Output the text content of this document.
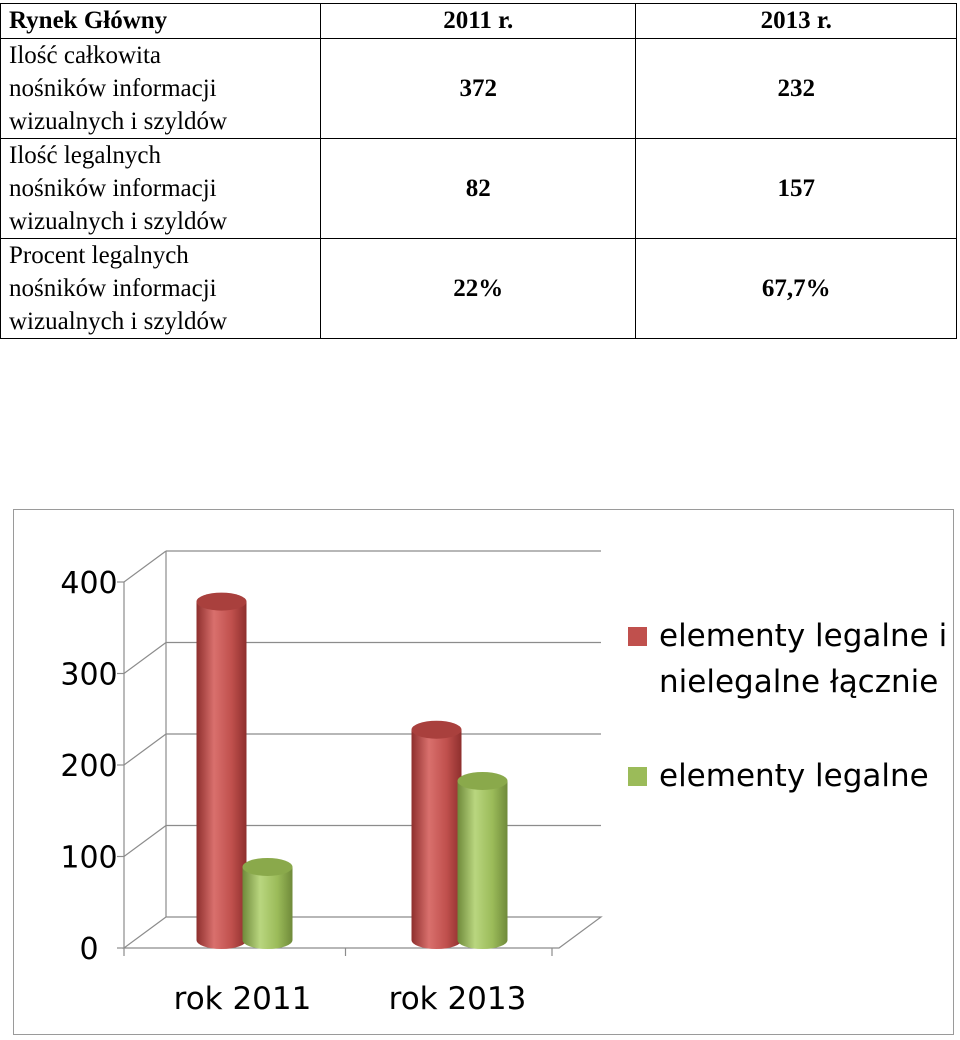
Rynek Główny	2011 r.	2013 r.

Ilość całkowita
nośników informacji
wizualnych i szyldów	372	232

Ilość legalnych
nośników informacji
wizualnych i szyldów	82	157

Procent legalnych
nośników informacji
wizualnych i szyldów	22%	67,7%
0
100
200
300
400
rok 2011 rok 2013
elementy legalne i
nielegalne łącznie
elementy legalne
